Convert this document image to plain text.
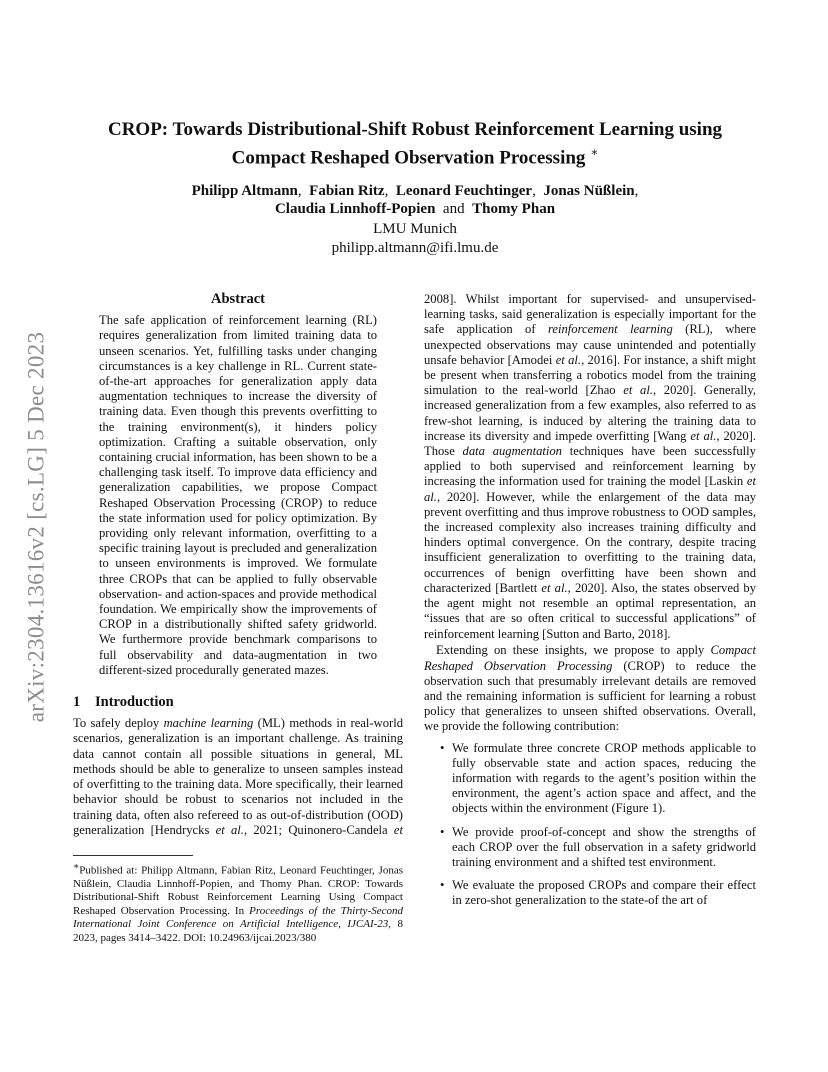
arXiv:2304.13616v2 [cs.LG] 5 Dec 2023
CROP: Towards Distributional-Shift Robust Reinforcement Learning using
Compact Reshaped Observation Processing ∗
Philipp Altmann, Fabian Ritz, Leonard Feuchtinger, Jonas Nüßlein,
Claudia Linnhoff-Popien and Thomy Phan
LMU Munich
philipp.altmann@ifi.lmu.de
Abstract

The safe application of reinforcement learning (RL) requires generalization from limited training data to unseen scenarios. Yet, fulfilling tasks under changing circumstances is a key challenge in RL. Current state-of-the-art approaches for generalization apply data augmentation techniques to increase the diversity of training data. Even though this prevents overfitting to the training environment(s), it hinders policy optimization. Crafting a suitable observation, only containing crucial information, has been shown to be a challenging task itself. To improve data efficiency and generalization capabilities, we propose Compact Reshaped Observation Processing (CROP) to reduce the state information used for policy optimization. By providing only relevant information, overfitting to a specific training layout is precluded and generalization to unseen environments is improved. We formulate three CROPs that can be applied to fully observable observation- and action-spaces and provide methodical foundation. We empirically show the improvements of CROP in a distributionally shifted safety gridworld. We furthermore provide benchmark comparisons to full observability and data-augmentation in two different-sized procedurally generated mazes.

1 Introduction

To safely deploy machine learning (ML) methods in real-world scenarios, generalization is an important challenge. As training data cannot contain all possible situations in general, ML methods should be able to generalize to unseen samples instead of overfitting to the training data. More specifically, their learned behavior should be robust to scenarios not included in the training data, often also refereed to as out-of-distribution (OOD) generalization [Hendrycks et al., 2021; Quinonero-Candela et

∗Published at: Philipp Altmann, Fabian Ritz, Leonard Feuchtinger, Jonas Nüßlein, Claudia Linnhoff-Popien, and Thomy Phan. CROP: Towards Distributional-Shift Robust Reinforcement Learning Using Compact Reshaped Observation Processing. In Proceedings of the Thirty-Second International Joint Conference on Artificial Intelligence, IJCAI-23, 8 2023, pages 3414–3422. DOI: 10.24963/ijcai.2023/380

2008]. Whilst important for supervised- and unsupervised-learning tasks, said generalization is especially important for the safe application of reinforcement learning (RL), where unexpected observations may cause unintended and potentially unsafe behavior [Amodei et al., 2016]. For instance, a shift might be present when transferring a robotics model from the training simulation to the real-world [Zhao et al., 2020]. Generally, increased generalization from a few examples, also referred to as frew-shot learning, is induced by altering the training data to increase its diversity and impede overfitting [Wang et al., 2020]. Those data augmentation techniques have been successfully applied to both supervised and reinforcement learning by increasing the information used for training the model [Laskin et al., 2020]. However, while the enlargement of the data may prevent overfitting and thus improve robustness to OOD samples, the increased complexity also increases training difficulty and hinders optimal convergence. On the contrary, despite tracing insufficient generalization to overfitting to the training data, occurrences of benign overfitting have been shown and characterized [Bartlett et al., 2020]. Also, the states observed by the agent might not resemble an optimal representation, an “issues that are so often critical to successful applications” of reinforcement learning [Sutton and Barto, 2018].

Extending on these insights, we propose to apply Compact Reshaped Observation Processing (CROP) to reduce the observation such that presumably irrelevant details are removed and the remaining information is sufficient for learning a robust policy that generalizes to unseen shifted observations. Overall, we provide the following contribution:

• We formulate three concrete CROP methods applicable to fully observable state and action spaces, reducing the information with regards to the agent’s position within the environment, the agent’s action space and affect, and the objects within the environment (Figure 1).
• We provide proof-of-concept and show the strengths of each CROP over the full observation in a safety gridworld training environment and a shifted test environment.
• We evaluate the proposed CROPs and compare their effect in zero-shot generalization to the state-of the art of
